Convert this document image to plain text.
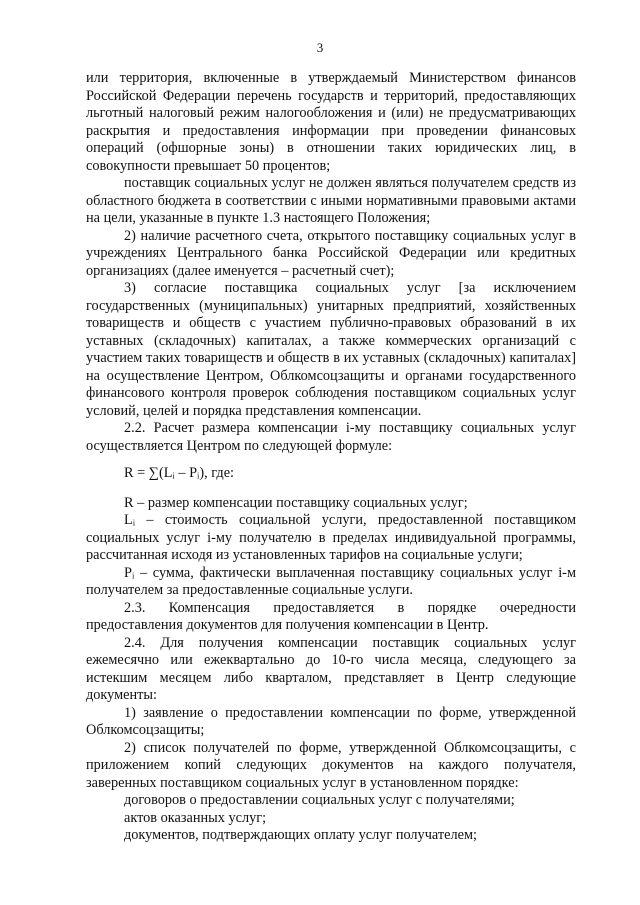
3

или территория, включенные в утверждаемый Министерством финансов Российской Федерации перечень государств и территорий, предоставляющих льготный налоговый режим налогообложения и (или) не предусматривающих раскрытия и предоставления информации при проведении финансовых операций (офшорные зоны) в отношении таких юридических лиц, в совокупности превышает 50 процентов;

поставщик социальных услуг не должен являться получателем средств из областного бюджета в соответствии с иными нормативными правовыми актами на цели, указанные в пункте 1.3 настоящего Положения;

2) наличие расчетного счета, открытого поставщику социальных услуг в учреждениях Центрального банка Российской Федерации или кредитных организациях (далее именуется – расчетный счет);

3) согласие поставщика социальных услуг [за исключением государственных (муниципальных) унитарных предприятий, хозяйственных товариществ и обществ с участием публично-правовых образований в их уставных (складочных) капиталах, а также коммерческих организаций с участием таких товариществ и обществ в их уставных (складочных) капиталах] на осуществление Центром, Облкомсоцзащиты и органами государственного финансового контроля проверок соблюдения поставщиком социальных услуг условий, целей и порядка представления компенсации.

2.2. Расчет размера компенсации i-му поставщику социальных услуг осуществляется Центром по следующей формуле:

R = ∑(Lᵢ – Pᵢ), где:

R – размер компенсации поставщику социальных услуг;

Lᵢ – стоимость социальной услуги, предоставленной поставщиком социальных услуг i-му получателю в пределах индивидуальной программы, рассчитанная исходя из установленных тарифов на социальные услуги;

Pᵢ – сумма, фактически выплаченная поставщику социальных услуг i-м получателем за предоставленные социальные услуги.

2.3. Компенсация предоставляется в порядке очередности предоставления документов для получения компенсации в Центр.

2.4. Для получения компенсации поставщик социальных услуг ежемесячно или ежеквартально до 10-го числа месяца, следующего за истекшим месяцем либо кварталом, представляет в Центр следующие документы:

1) заявление о предоставлении компенсации по форме, утвержденной Облкомсоцзащиты;

2) список получателей по форме, утвержденной Облкомсоцзащиты, с приложением копий следующих документов на каждого получателя, заверенных поставщиком социальных услуг в установленном порядке:

договоров о предоставлении социальных услуг с получателями;

актов оказанных услуг;

документов, подтверждающих оплату услуг получателем;
